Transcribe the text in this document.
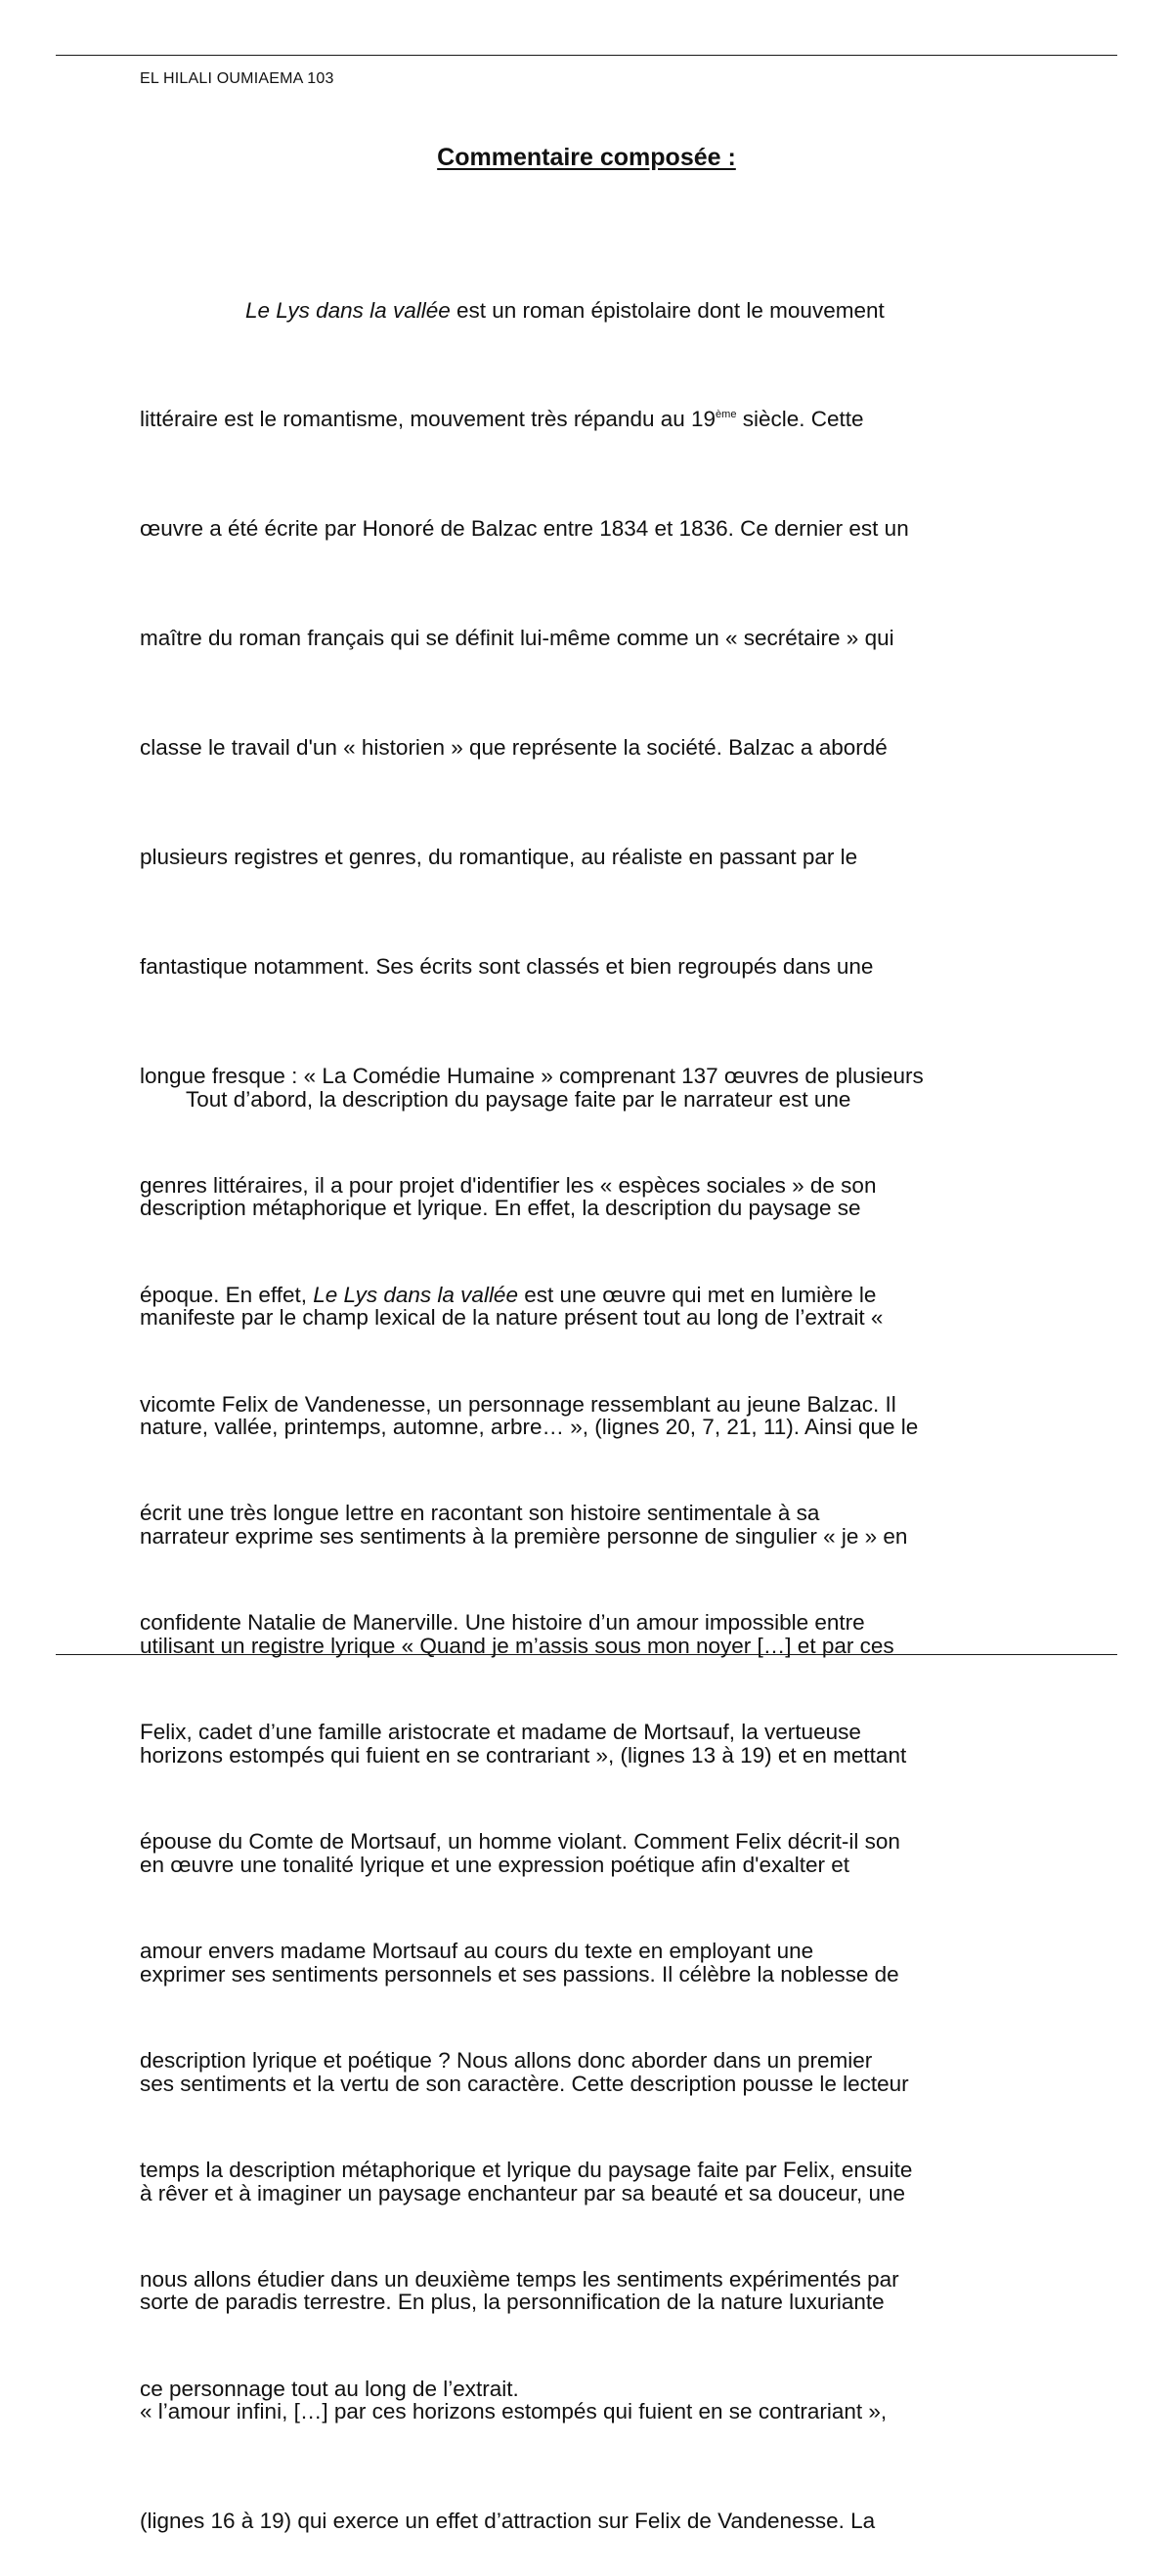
EL HILALI OUMIAEMA 103
Commentaire composée :

Le Lys dans la vallée est un roman épistolaire dont le mouvement

littéraire est le romantisme, mouvement très répandu au 19ème siècle. Cette

œuvre a été écrite par Honoré de Balzac entre 1834 et 1836. Ce dernier est un

maître du roman français qui se définit lui-même comme un « secrétaire » qui

classe le travail d'un « historien » que représente la société. Balzac a abordé

plusieurs registres et genres, du romantique, au réaliste en passant par le

fantastique notamment. Ses écrits sont classés et bien regroupés dans une

longue fresque : « La Comédie Humaine » comprenant 137 œuvres de plusieurs

genres littéraires, il a pour projet d'identifier les « espèces sociales » de son

époque. En effet, Le Lys dans la vallée est une œuvre qui met en lumière le

vicomte Felix de Vandenesse, un personnage ressemblant au jeune Balzac. Il

écrit une très longue lettre en racontant son histoire sentimentale à sa

confidente Natalie de Manerville. Une histoire d’un amour impossible entre

Felix, cadet d’une famille aristocrate et madame de Mortsauf, la vertueuse

épouse du Comte de Mortsauf, un homme violant. Comment Felix décrit-il son

amour envers madame Mortsauf au cours du texte en employant une

description lyrique et poétique ? Nous allons donc aborder dans un premier

temps la description métaphorique et lyrique du paysage faite par Felix, ensuite

nous allons étudier dans un deuxième temps les sentiments expérimentés par

ce personnage tout au long de l’extrait.

Tout d’abord, la description du paysage faite par le narrateur est une

description métaphorique et lyrique. En effet, la description du paysage se

manifeste par le champ lexical de la nature présent tout au long de l’extrait «

nature, vallée, printemps, automne, arbre… », (lignes 20, 7, 21, 11). Ainsi que le

narrateur exprime ses sentiments à la première personne de singulier « je » en

utilisant un registre lyrique « Quand je m’assis sous mon noyer […] et par ces

horizons estompés qui fuient en se contrariant », (lignes 13 à 19) et en mettant

en œuvre une tonalité lyrique et une expression poétique afin d'exalter et

exprimer ses sentiments personnels et ses passions. Il célèbre la noblesse de

ses sentiments et la vertu de son caractère. Cette description pousse le lecteur

à rêver et à imaginer un paysage enchanteur par sa beauté et sa douceur, une

sorte de paradis terrestre. En plus, la personnification de la nature luxuriante

« l’amour infini, […] par ces horizons estompés qui fuient en se contrariant »,

(lignes 16 à 19) qui exerce un effet d’attraction sur Felix de Vandenesse. La
